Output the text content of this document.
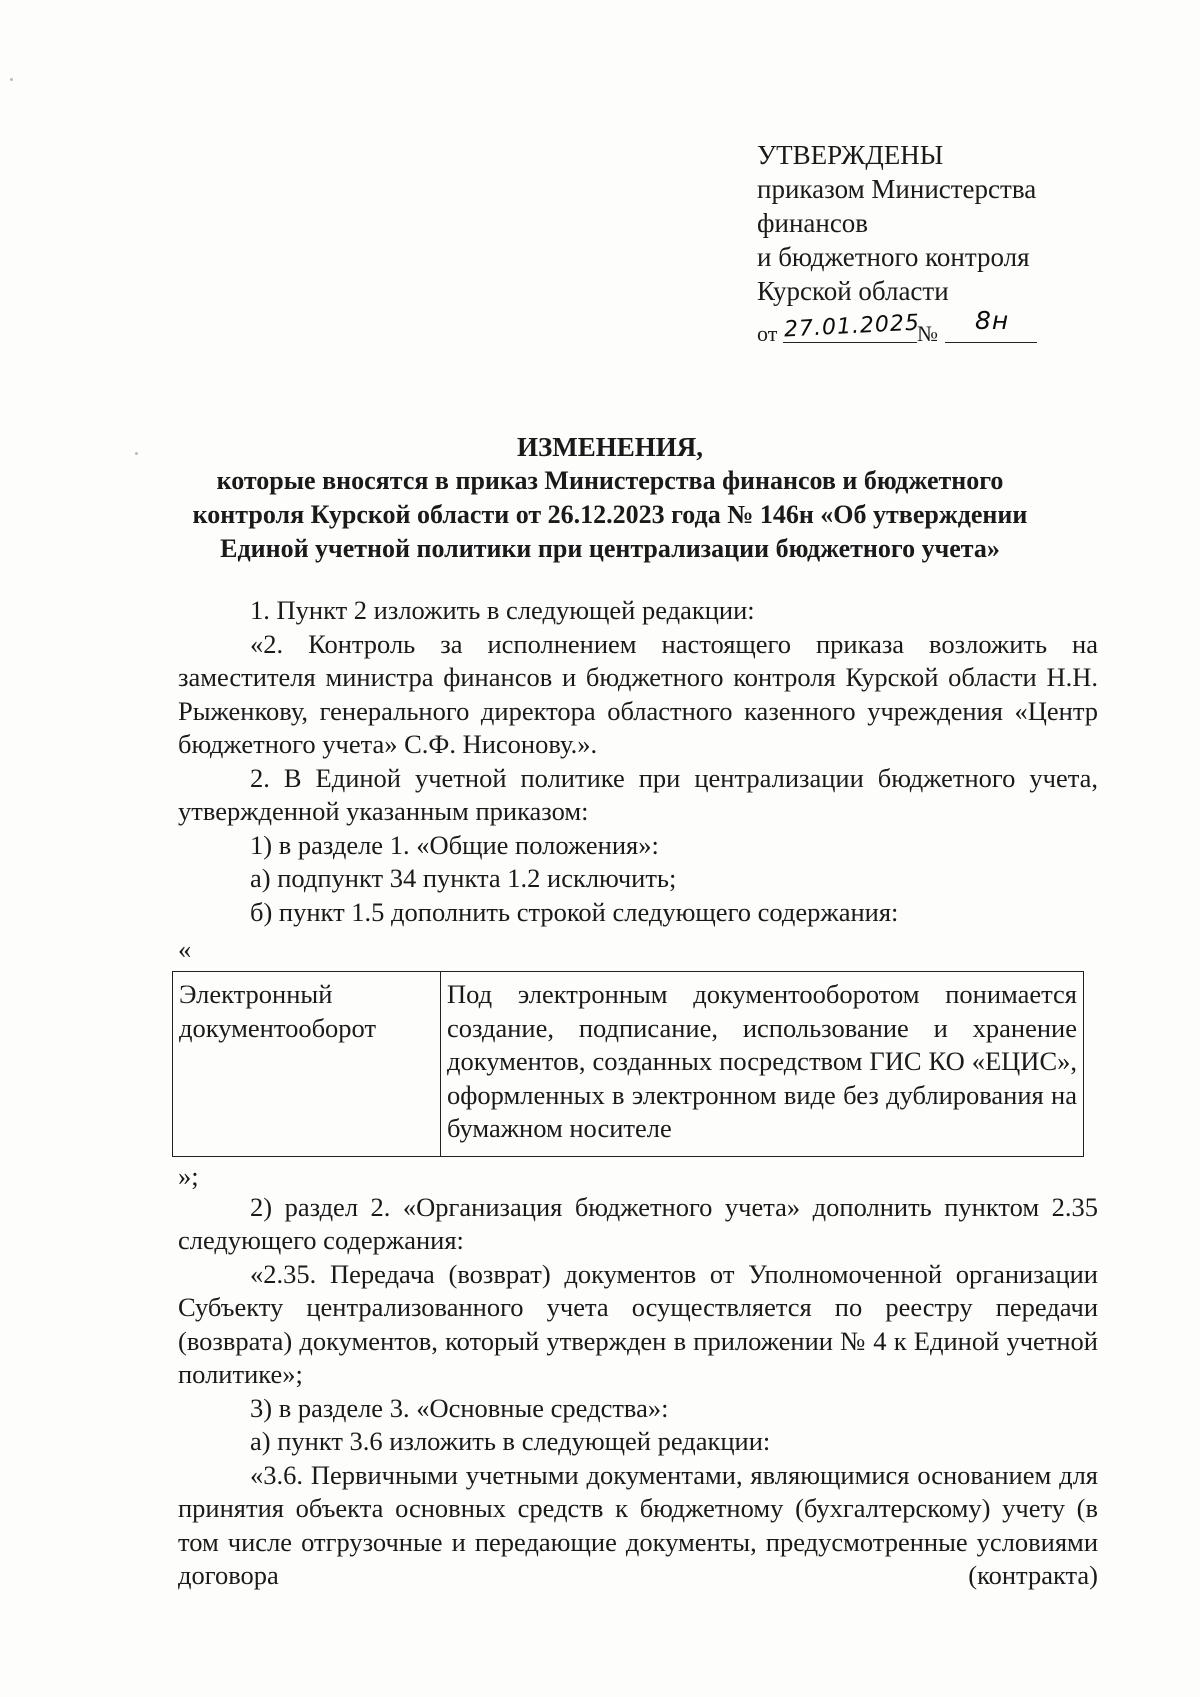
УТВЕРЖДЕНЫ
приказом Министерства
финансов
и бюджетного контроля
Курской области
от 27.01.2025
№ 8н
ИЗМЕНЕНИЯ,
которые вносятся в приказ Министерства финансов и бюджетного
контроля Курской области от 26.12.2023 года № 146н «Об утверждении
Единой учетной политики при централизации бюджетного учета»

1. Пункт 2 изложить в следующей редакции:

«2. Контроль за исполнением настоящего приказа возложить на заместителя министра финансов и бюджетного контроля Курской области Н.Н. Рыженкову, генерального директора областного казенного учреждения «Центр бюджетного учета» С.Ф. Нисонову.».

2. В Единой учетной политике при централизации бюджетного учета, утвержденной указанным приказом:

1) в разделе 1. «Общие положения»:

а) подпункт 34 пункта 1.2 исключить;

б) пункт 1.5 дополнить строкой следующего содержания:

«

Электронный документооборот	Под электронным документооборотом понимается создание, подписание, использование и хранение документов, созданных посредством ГИС КО «ЕЦИС», оформленных в электронном виде без дублирования на бумажном носителе

»;

2) раздел 2. «Организация бюджетного учета» дополнить пунктом 2.35 следующего содержания:

«2.35. Передача (возврат) документов от Уполномоченной организации Субъекту централизованного учета осуществляется по реестру передачи (возврата) документов, который утвержден в приложении № 4 к Единой учетной политике»;

3) в разделе 3. «Основные средства»:

а) пункт 3.6 изложить в следующей редакции:

«3.6. Первичными учетными документами, являющимися основанием для принятия объекта основных средств к бюджетному (бухгалтерскому) учету (в том числе отгрузочные и передающие документы, предусмотренные условиями договора (контракта)
